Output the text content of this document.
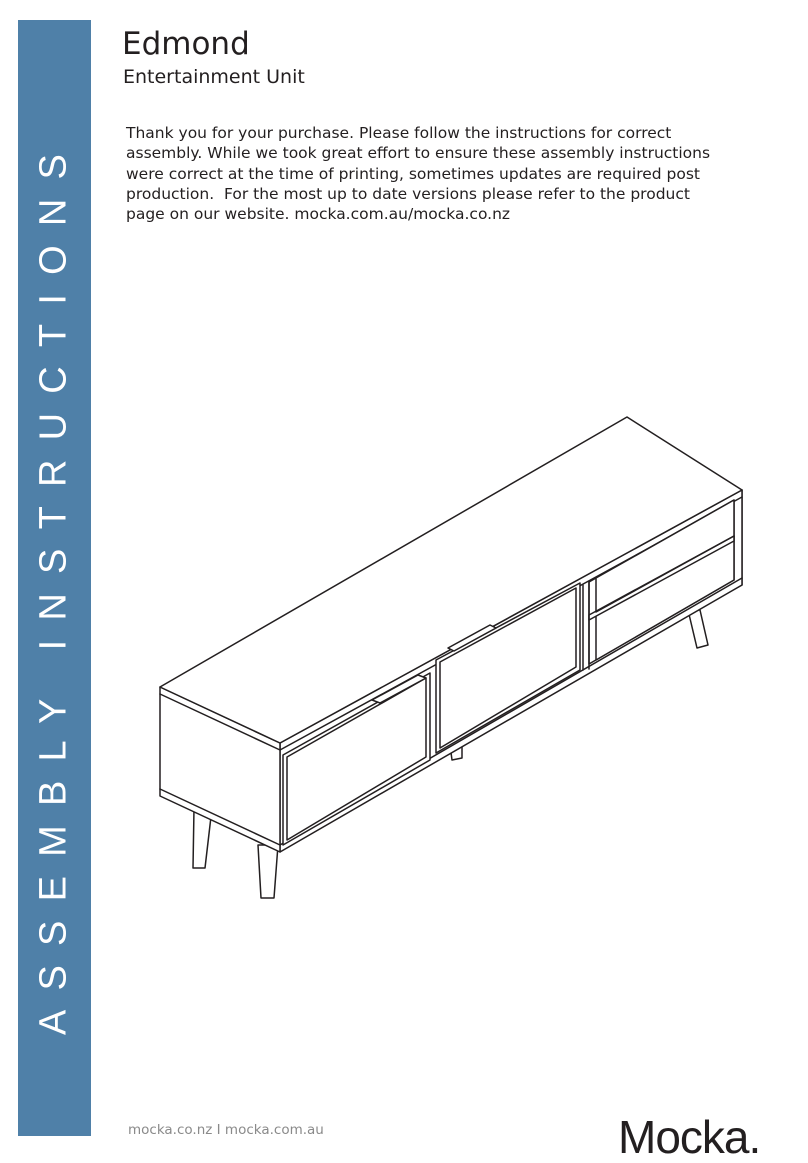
ASSEMBLY INSTRUCTIONS
Edmond
Entertainment Unit
Thank you for your purchase. Please follow the instructions for correct
assembly. While we took great effort to ensure these assembly instructions
were correct at the time of printing, sometimes updates are required post
production.  For the most up to date versions please refer to the product
page on our website. mocka.com.au/mocka.co.nz
mocka.co.nz I mocka.com.au	Mocka.
